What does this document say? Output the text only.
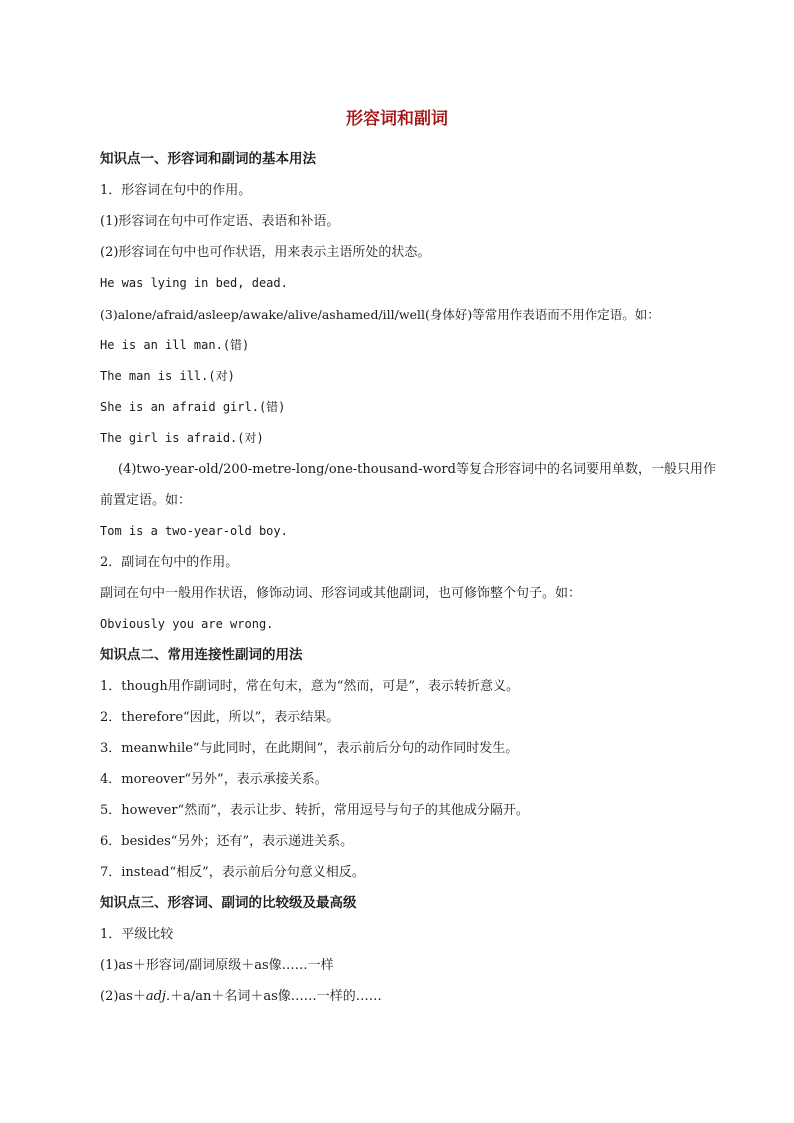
形容词和副词
知识点一、形容词和副词的基本用法
1．形容词在句中的作用。
(1)形容词在句中可作定语、表语和补语。
(2)形容词在句中也可作状语，用来表示主语所处的状态。
He was lying in bed, dead.
(3)alone/afraid/asleep/awake/alive/ashamed/ill/well(身体好)等常用作表语而不用作定语。如：
He is an ill man.(错)
The man is ill.(对)
She is an afraid girl.(错)
The girl is afraid.(对)
(4)two-year-old/200-metre-long/one-thousand-word等复合形容词中的名词要用单数，一般只用作前置定语。如：
Tom is a two-year-old boy.
2．副词在句中的作用。
副词在句中一般用作状语，修饰动词、形容词或其他副词，也可修饰整个句子。如：
Obviously you are wrong.
知识点二、常用连接性副词的用法
1．though用作副词时，常在句末，意为“然而，可是”，表示转折意义。
2．therefore“因此，所以”，表示结果。
3．meanwhile“与此同时，在此期间”，表示前后分句的动作同时发生。
4．moreover“另外”，表示承接关系。
5．however“然而”，表示让步、转折，常用逗号与句子的其他成分隔开。
6．besides“另外；还有”，表示递进关系。
7．instead“相反”，表示前后分句意义相反。
知识点三、形容词、副词的比较级及最高级
1．平级比较
(1)as＋形容词/副词原级＋as像……一样
(2)as＋adj.＋a/an＋名词＋as像……一样的……
